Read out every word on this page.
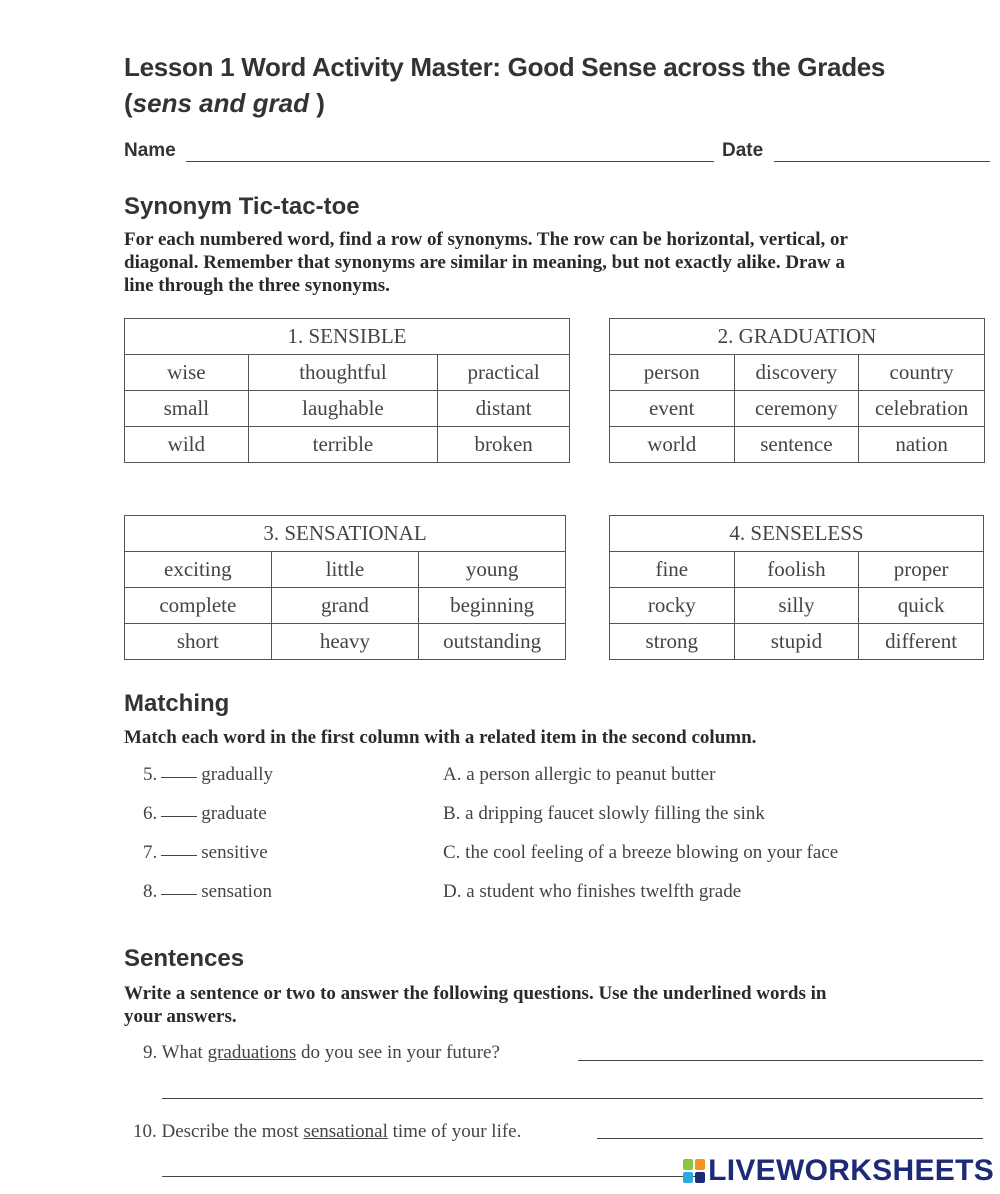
Lesson 1 Word Activity Master: Good Sense across the Grades
(sens and grad )
Name	Date
Synonym Tic-tac-toe
For each numbered word, find a row of synonyms. The row can be horizontal, vertical, or
diagonal. Remember that synonyms are similar in meaning, but not exactly alike. Draw a
line through the three synonyms.
1. SENSIBLE		
wise	thoughtful	practical
small	laughable	distant
wild	terrible	broken
2. GRADUATION		
person	discovery	country
event	ceremony	celebration
world	sentence	nation
3. SENSATIONAL		
exciting	little	young
complete	grand	beginning
short	heavy	outstanding
4. SENSELESS		
fine	foolish	proper
rocky	silly	quick
strong	stupid	different
Matching
Match each word in the first column with a related item in the second column.
5. gradually	A. a person allergic to peanut butter
6. graduate	B. a dripping faucet slowly filling the sink
7. sensitive	C. the cool feeling of a breeze blowing on your face
8. sensation	D. a student who finishes twelfth grade
Sentences
Write a sentence or two to answer the following questions. Use the underlined words in
your answers.
9. What graduations do you see in your future?
10. Describe the most sensational time of your life.
LIVEWORKSHEETS
